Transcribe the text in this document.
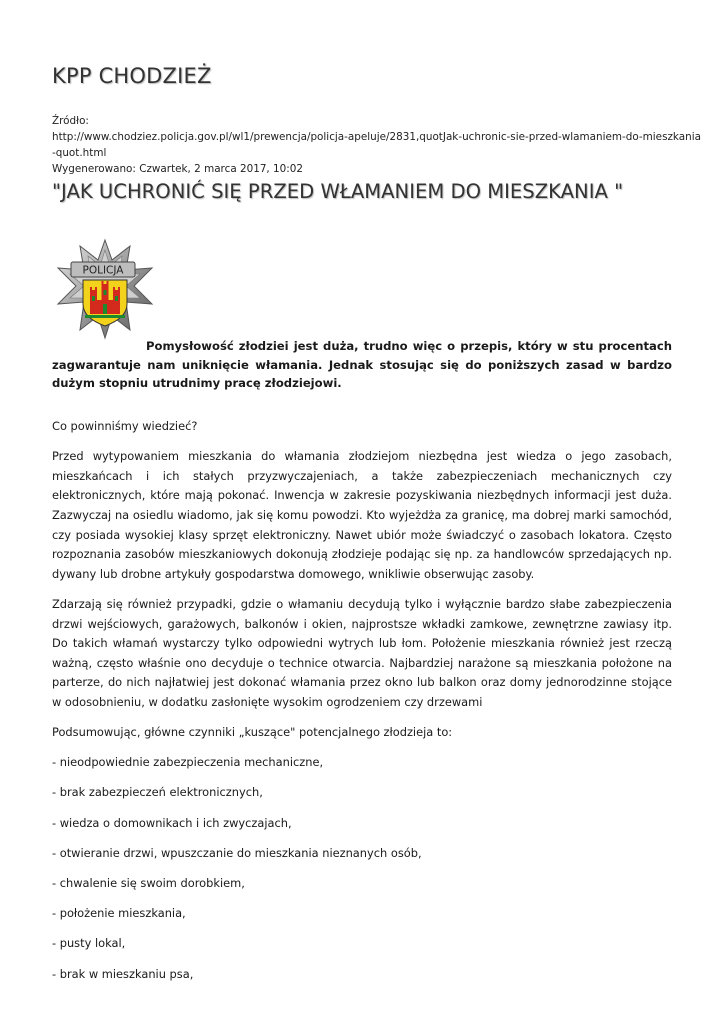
KPP CHODZIEŻ
Źródło:
http://www.chodziez.policja.gov.pl/wl1/prewencja/policja-apeluje/2831,quotJak-uchronic-sie-przed-wlamaniem-do-mieszkania
-quot.html
Wygenerowano: Czwartek, 2 marca 2017, 10:02
"JAK UCHRONIĆ SIĘ PRZED WŁAMANIEM DO MIESZKANIA "
POLICJA

Pomysłowość złodziei jest duża, trudno więc o przepis, który w stu procentach zagwarantuje nam uniknięcie włamania. Jednak stosując się do poniższych zasad w bardzo dużym stopniu utrudnimy pracę złodziejowi.

Co powinniśmy wiedzieć?

Przed wytypowaniem mieszkania do włamania złodziejom niezbędna jest wiedza o jego zasobach, mieszkańcach i ich stałych przyzwyczajeniach, a także zabezpieczeniach mechanicznych czy elektronicznych, które mają pokonać. Inwencja w zakresie pozyskiwania niezbędnych informacji jest duża. Zazwyczaj na osiedlu wiadomo, jak się komu powodzi. Kto wyjeżdża za granicę, ma dobrej marki samochód, czy posiada wysokiej klasy sprzęt elektroniczny. Nawet ubiór może świadczyć o zasobach lokatora. Często rozpoznania zasobów mieszkaniowych dokonują złodzieje podając się np. za handlowców sprzedających np. dywany lub drobne artykuły gospodarstwa domowego, wnikliwie obserwując zasoby.

Zdarzają się również przypadki, gdzie o włamaniu decydują tylko i wyłącznie bardzo słabe zabezpieczenia drzwi wejściowych, garażowych, balkonów i okien, najprostsze wkładki zamkowe, zewnętrzne zawiasy itp. Do takich włamań wystarczy tylko odpowiedni wytrych lub łom. Położenie mieszkania również jest rzeczą ważną, często właśnie ono decyduje o technice otwarcia. Najbardziej narażone są mieszkania położone na parterze, do nich najłatwiej jest dokonać włamania przez okno lub balkon oraz domy jednorodzinne stojące w odosobnieniu, w dodatku zasłonięte wysokim ogrodzeniem czy drzewami

Podsumowując, główne czynniki „kuszące" potencjalnego złodzieja to:

- nieodpowiednie zabezpieczenia mechaniczne,
- brak zabezpieczeń elektronicznych,
- wiedza o domownikach i ich zwyczajach,
- otwieranie drzwi, wpuszczanie do mieszkania nieznanych osób,
- chwalenie się swoim dorobkiem,
- położenie mieszkania,
- pusty lokal,
- brak w mieszkaniu psa,
